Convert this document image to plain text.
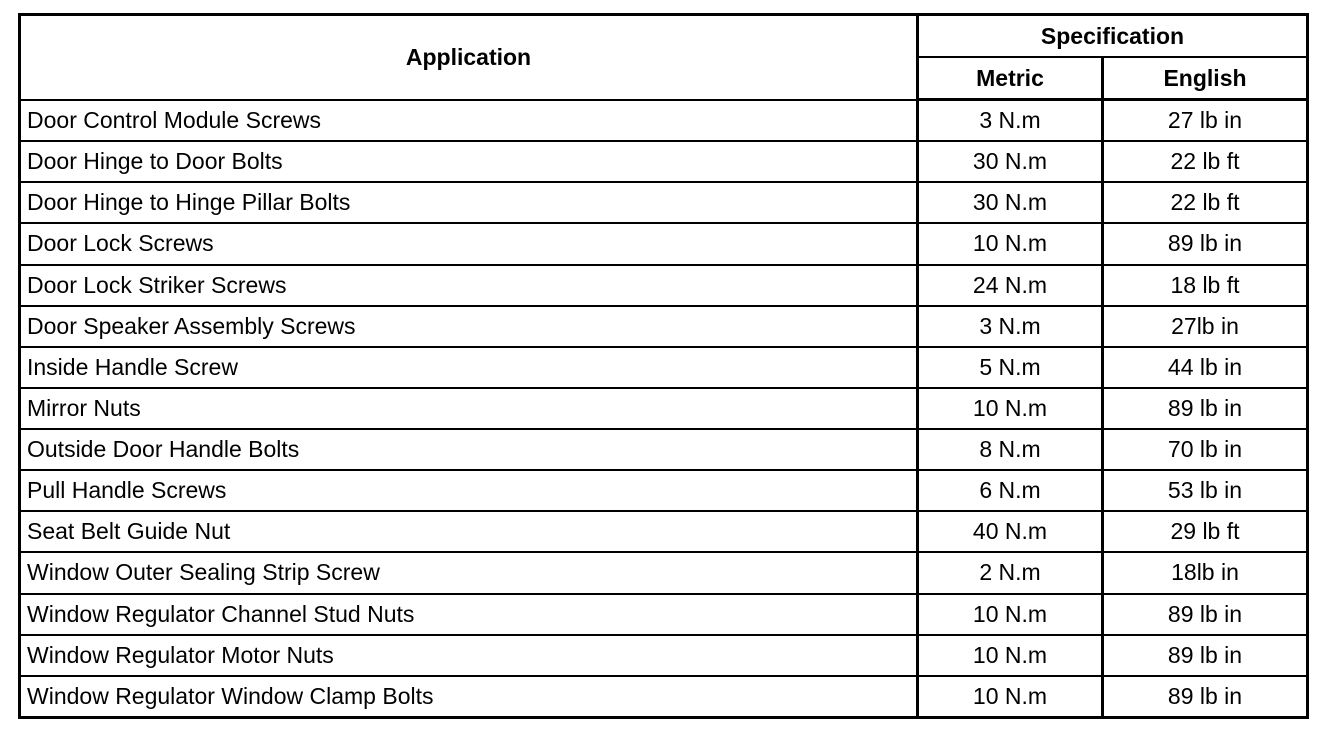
Application	Specification	
	Metric	English
Door Control Module Screws	3 N.m	27 lb in
Door Hinge to Door Bolts	30 N.m	22 lb ft
Door Hinge to Hinge Pillar Bolts	30 N.m	22 lb ft
Door Lock Screws	10 N.m	89 lb in
Door Lock Striker Screws	24 N.m	18 lb ft
Door Speaker Assembly Screws	3 N.m	27lb in
Inside Handle Screw	5 N.m	44 lb in
Mirror Nuts	10 N.m	89 lb in
Outside Door Handle Bolts	8 N.m	70 lb in
Pull Handle Screws	6 N.m	53 lb in
Seat Belt Guide Nut	40 N.m	29 lb ft
Window Outer Sealing Strip Screw	2 N.m	18lb in
Window Regulator Channel Stud Nuts	10 N.m	89 lb in
Window Regulator Motor Nuts	10 N.m	89 lb in
Window Regulator Window Clamp Bolts	10 N.m	89 lb in
